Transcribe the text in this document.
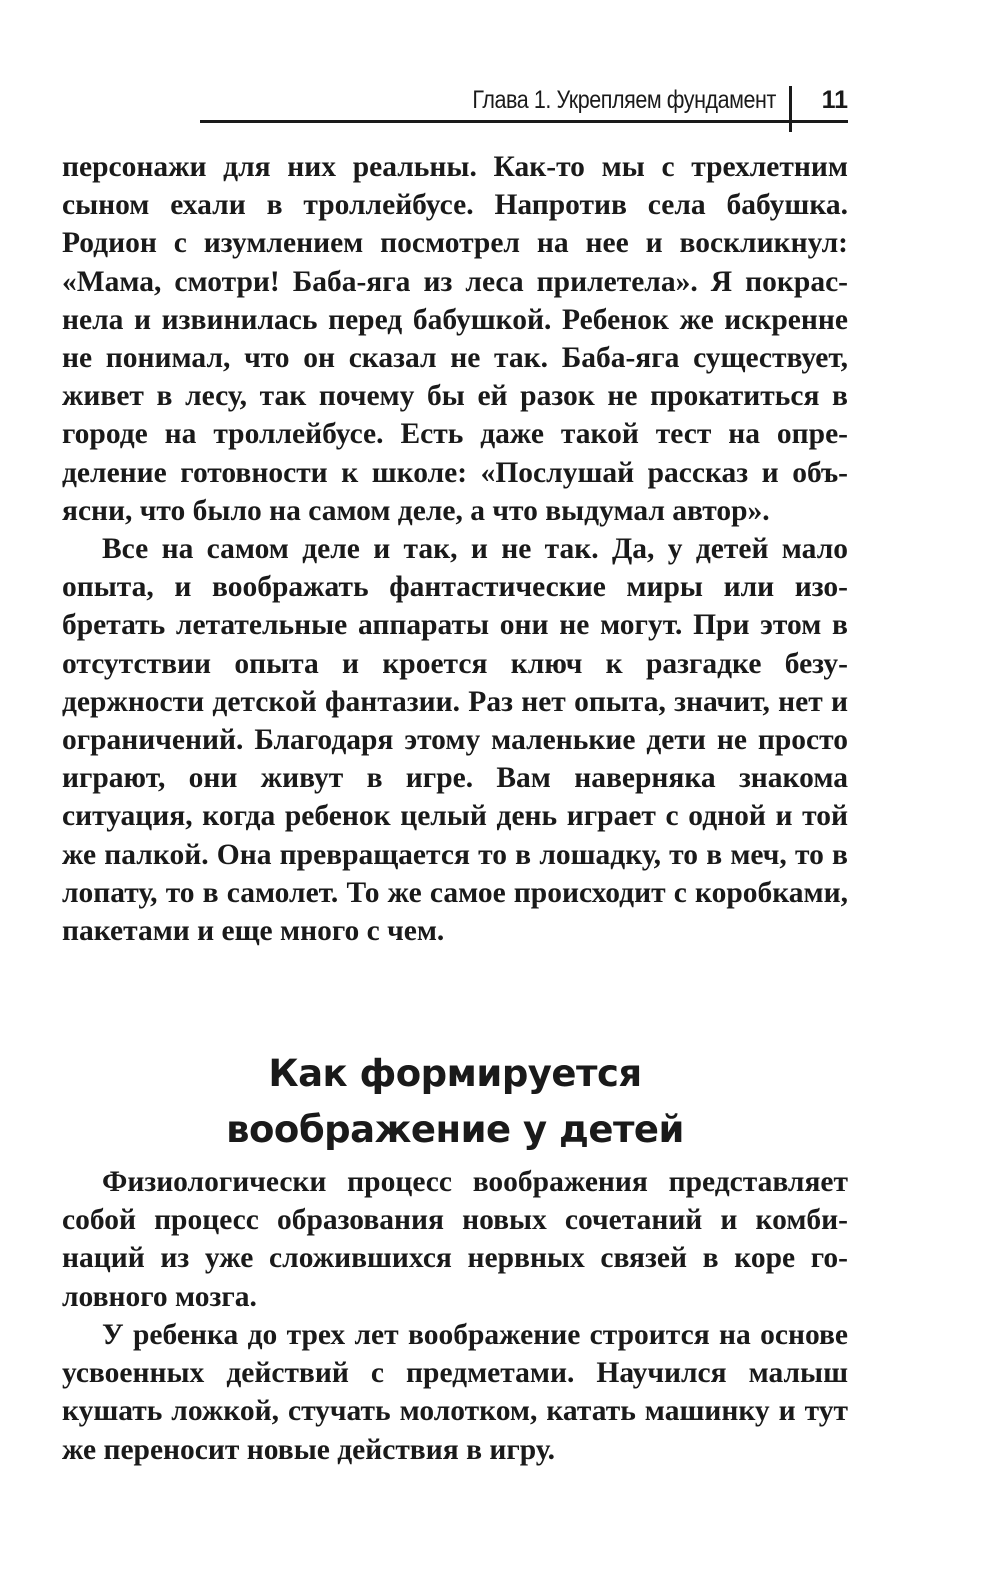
Глава 1. Укрепляем фундамент 11

персонажи для них реальны. Как-то мы с трехлетним сыном ехали в троллейбусе. Напротив села бабушка. Родион с изумлением посмотрел на нее и воскликнул: «Мама, смотри! Баба-яга из леса прилетела». Я покраснела и извинилась перед бабушкой. Ребенок же искренне не понимал, что он сказал не так. Баба-яга существует, живет в лесу, так почему бы ей разок не прокатиться в городе на троллейбусе. Есть даже такой тест на определение готовности к школе: «Послушай рассказ и объясни, что было на самом деле, а что выдумал автор».

Все на самом деле и так, и не так. Да, у детей мало опыта, и воображать фантастические миры или изобретать летательные аппараты они не могут. При этом в отсутствии опыта и кроется ключ к разгадке безудержности детской фантазии. Раз нет опыта, значит, нет и ограничений. Благодаря этому маленькие дети не просто играют, они живут в игре. Вам наверняка знакома ситуация, когда ребенок целый день играет с одной и той же палкой. Она превращается то в лошадку, то в меч, то в лопату, то в самолет. То же самое происходит с коробками, пакетами и еще много с чем.

Как формируется
воображение у детей

Физиологически процесс воображения представляет собой процесс образования новых сочетаний и комбинаций из уже сложившихся нервных связей в коре головного мозга.

У ребенка до трех лет воображение строится на основе усвоенных действий с предметами. Научился малыш кушать ложкой, стучать молотком, катать машинку и тут же переносит новые действия в игру.
